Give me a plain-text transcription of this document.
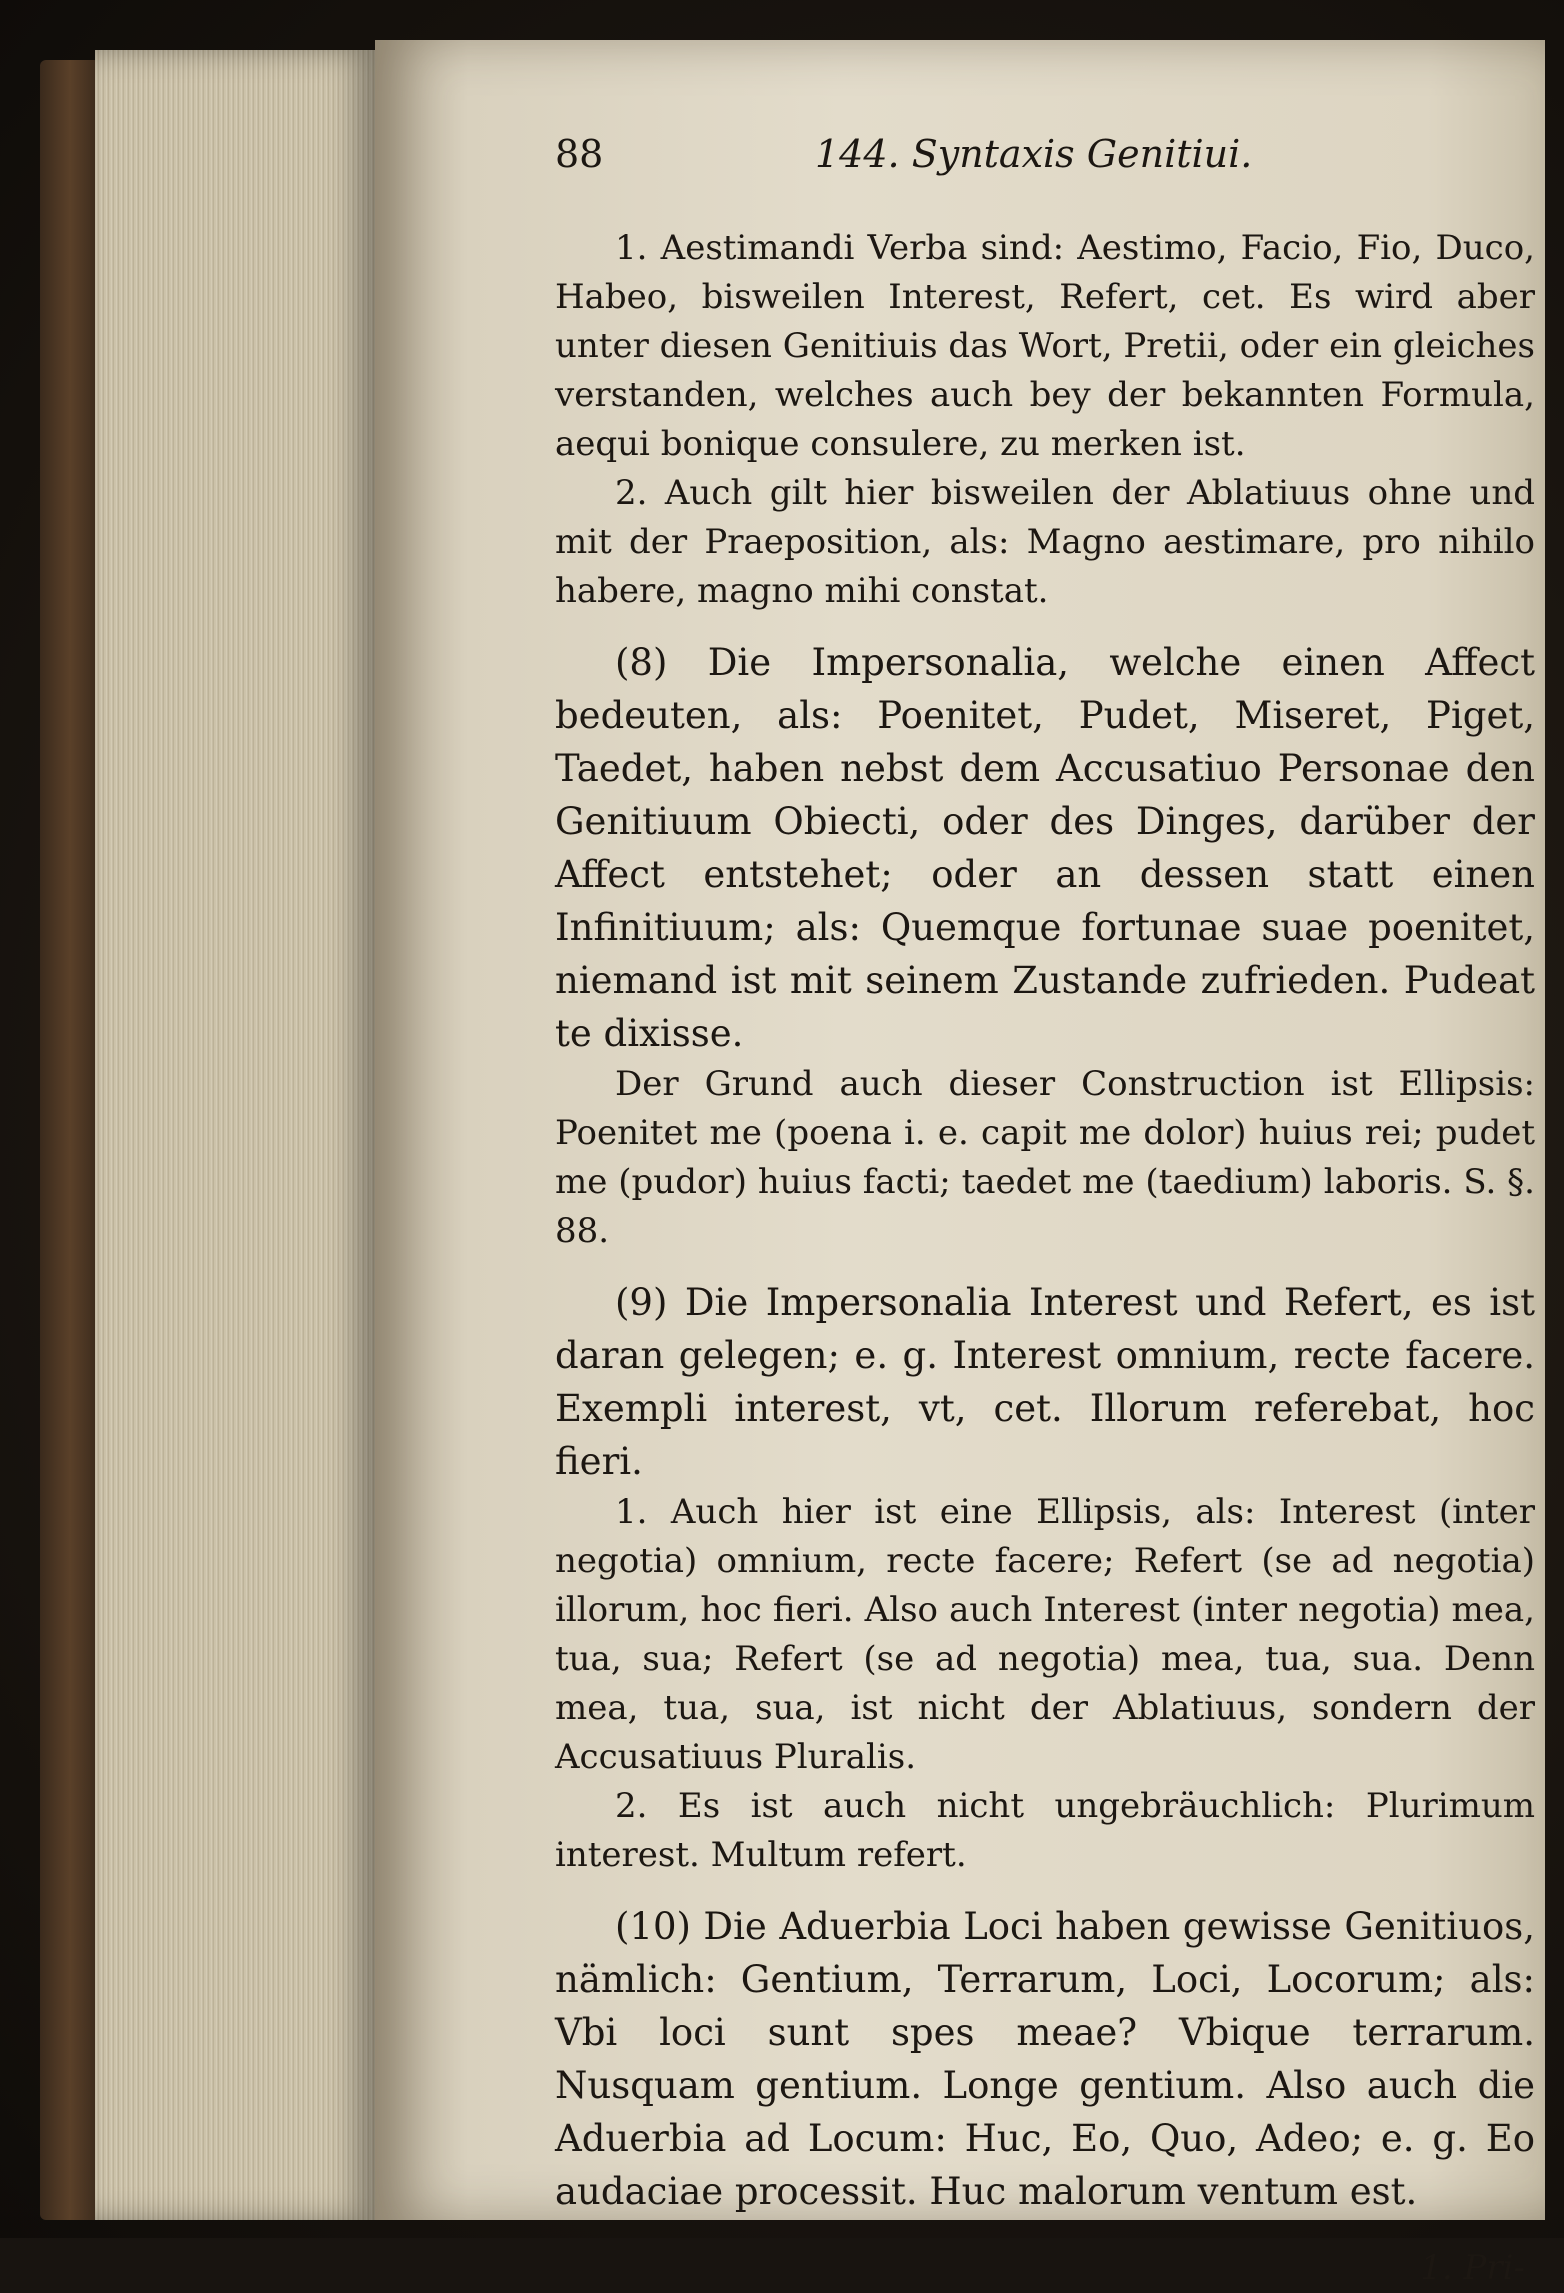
88	144. Syntaxis Genitiui.

1. Aestimandi Verba sind: Aestimo, Facio, Fio, Duco, Habeo, bisweilen Interest, Refert, cet. Es wird aber unter diesen Genitiuis das Wort, Pretii, oder ein gleiches verstanden, welches auch bey der bekannten Formula, aequi bonique consulere, zu merken ist.

2. Auch gilt hier bisweilen der Ablatiuus ohne und mit der Praeposition, als: Magno aestimare, pro nihilo habere, magno mihi constat.

(8) Die Impersonalia, welche einen Affect bedeuten, als: Poenitet, Pudet, Miseret, Piget, Taedet, haben nebst dem Accusatiuo Personae den Genitiuum Obiecti, oder des Dinges, darüber der Affect entstehet; oder an dessen statt einen Infinitiuum; als: Quemque fortunae suae poenitet, niemand ist mit seinem Zustande zufrieden. Pudeat te dixisse.

Der Grund auch dieser Construction ist Ellipsis: Poenitet me (poena i. e. capit me dolor) huius rei; pudet me (pudor) huius facti; taedet me (taedium) laboris. S. §. 88.

(9) Die Impersonalia Interest und Refert, es ist daran gelegen; e. g. Interest omnium, recte facere. Exempli interest, vt, cet. Illorum referebat, hoc fieri.

1. Auch hier ist eine Ellipsis, als: Interest (inter negotia) omnium, recte facere; Refert (se ad negotia) illorum, hoc fieri. Also auch Interest (inter negotia) mea, tua, sua; Refert (se ad negotia) mea, tua, sua. Denn mea, tua, sua, ist nicht der Ablatiuus, sondern der Accusatiuus Pluralis.

2. Es ist auch nicht ungebräuchlich: Plurimum interest. Multum refert.

(10) Die Aduerbia Loci haben gewisse Genitiuos, nämlich: Gentium, Terrarum, Loci, Locorum; als: Vbi loci sunt spes meae? Vbique terrarum. Nusquam gentium. Longe gentium. Also auch die Aduerbia ad Locum: Huc, Eo, Quo, Adeo; e. g. Eo audaciae processit. Huc malorum ventum est.

1. Pri-
